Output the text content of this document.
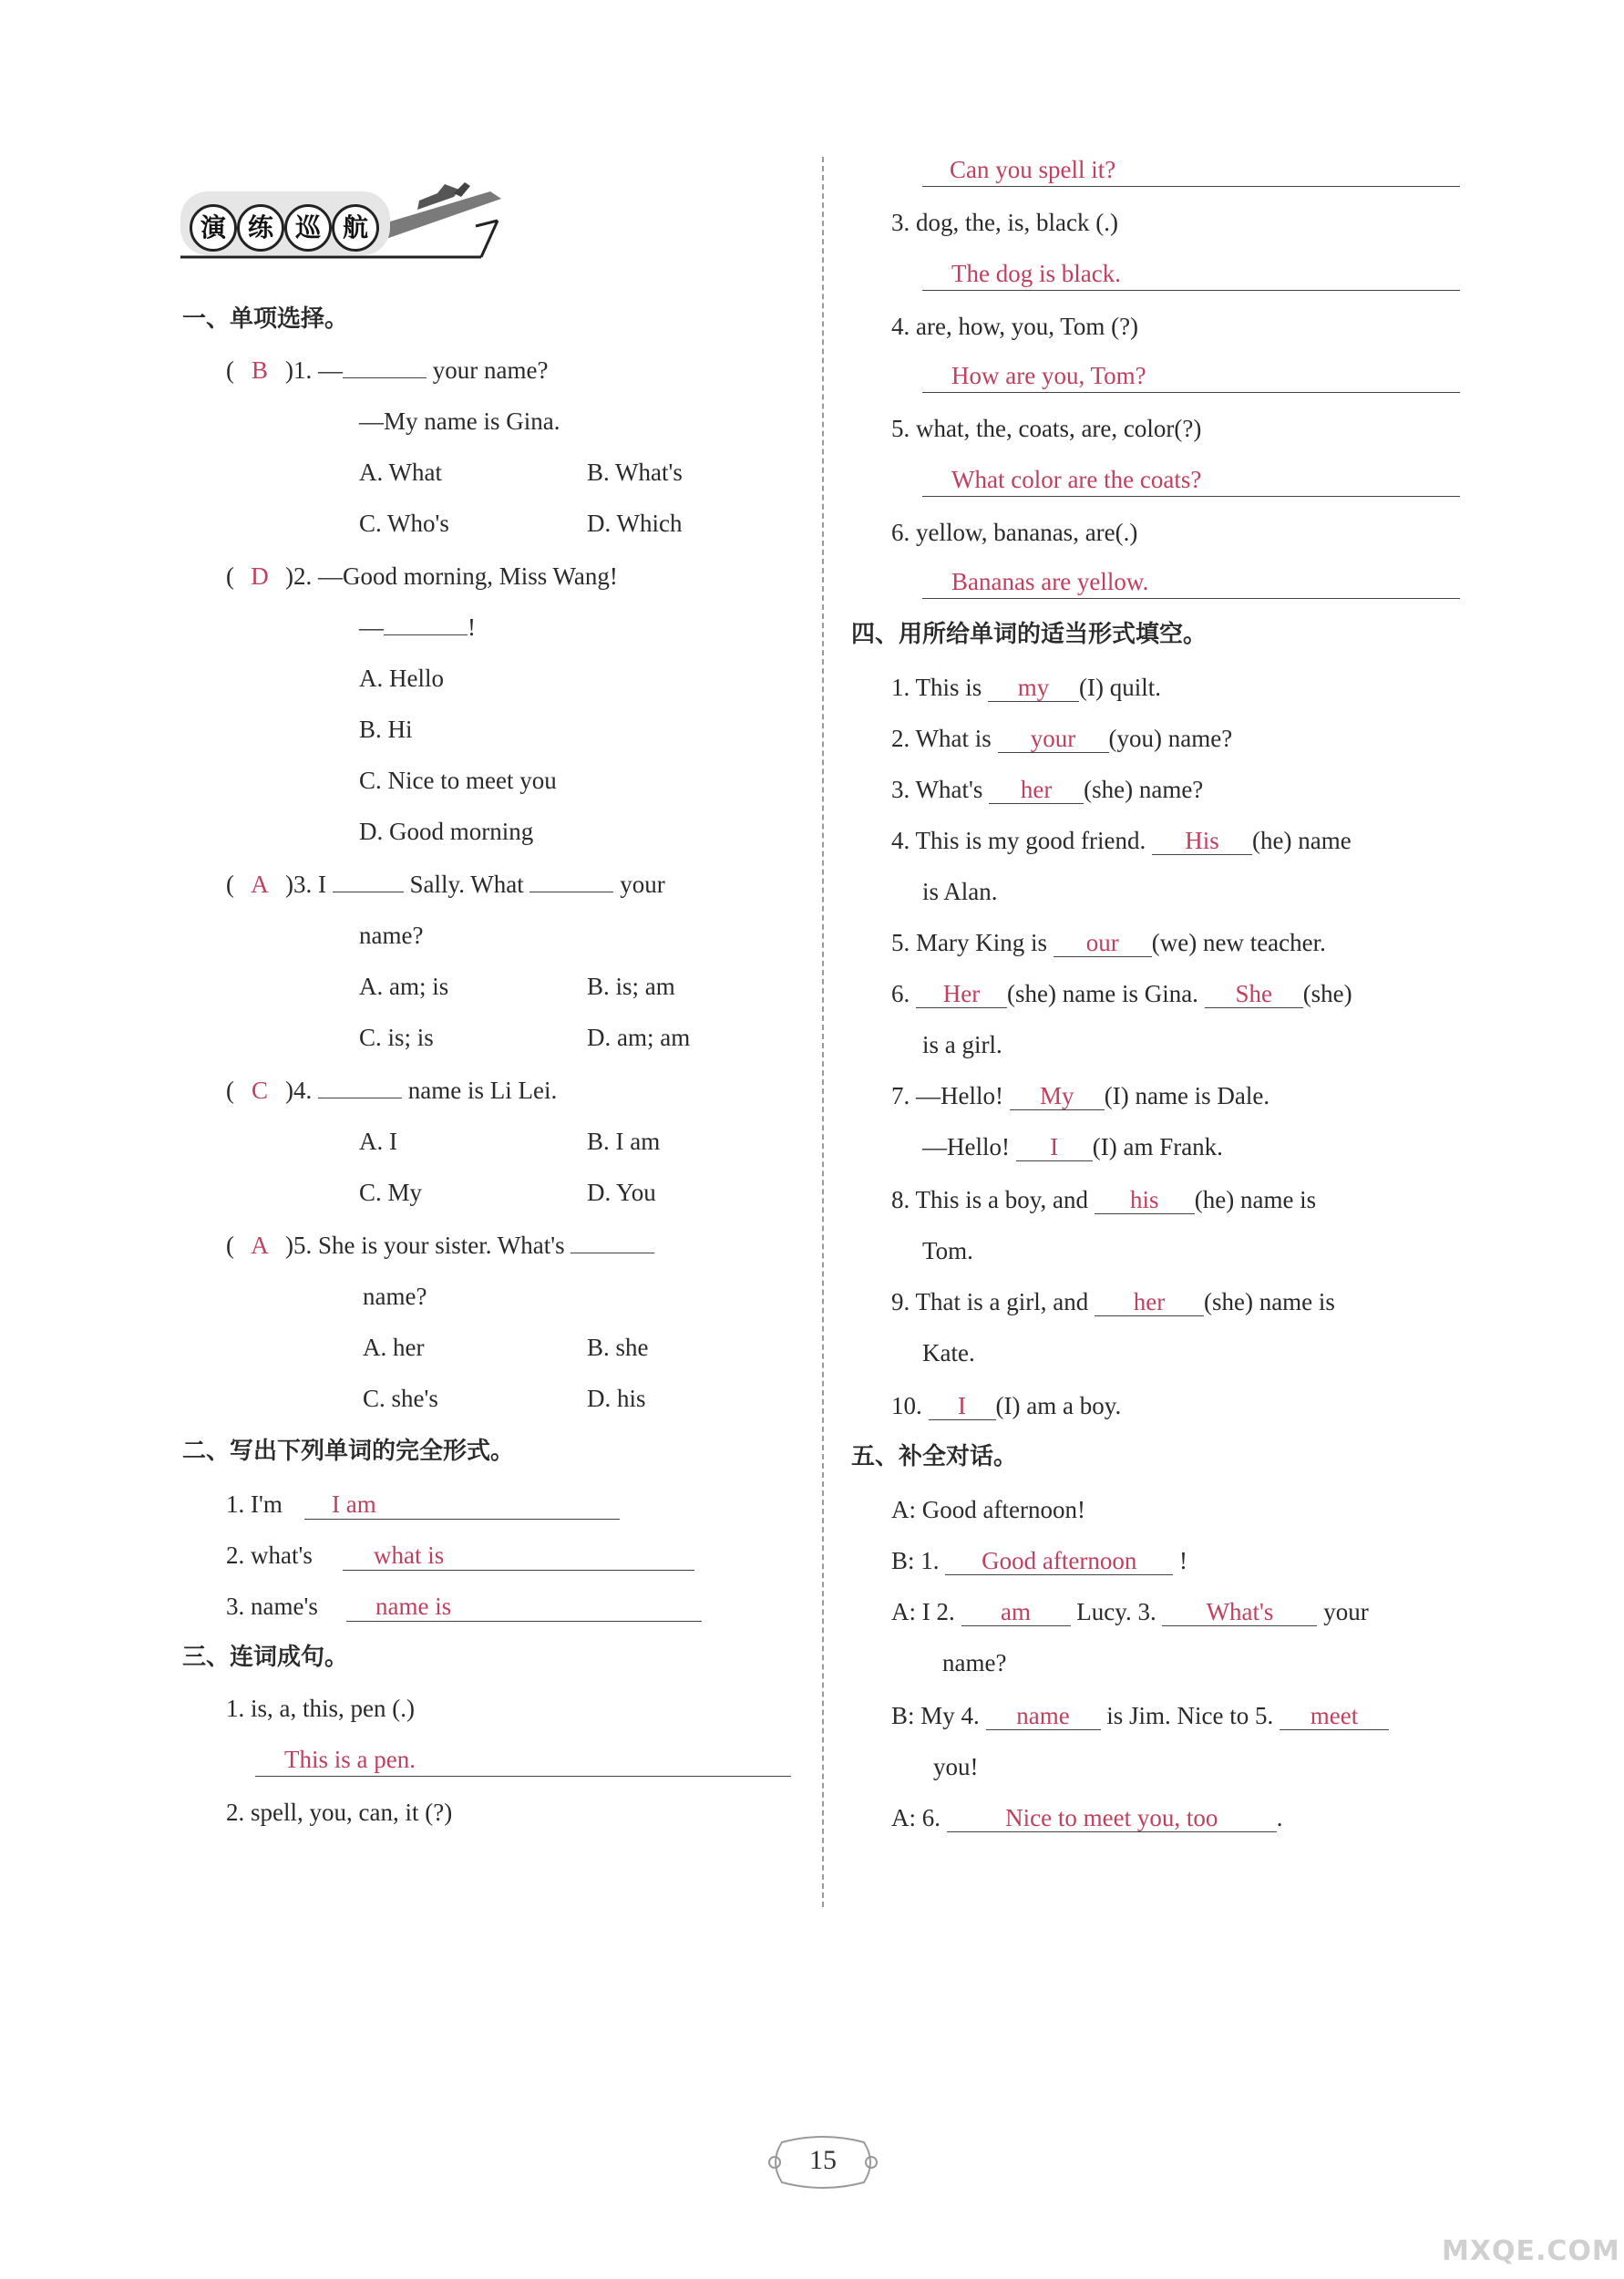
演 练 巡 航
一、单项选择。
( B )1. —	your name?
—My name is Gina.
A. What	B. What's
C. Who's	D. Which
( D )2. —Good morning, Miss Wang!
—	!
A. Hello
B. Hi
C. Nice to meet you
D. Good morning
( A )3. I	Sally. What	your
name?
A. am; is	B. is; am
C. is; is	D. am; am
( C )4.	name is Li Lei.
A. I	B. I am
C. My	D. You
( A )5. She is your sister. What's
name?
A. her	B. she
C. she's	D. his
二、写出下列单词的完全形式。
1. I'm I am
2. what's what is
3. name's name is
三、连词成句。
1. is, a, this, pen (.)
This is a pen.
2. spell, you, can, it (?)
Can you spell it?
3. dog, the, is, black (.)
The dog is black.
4. are, how, you, Tom (?)
How are you, Tom?
5. what, the, coats, are, color(?)
What color are the coats?
6. yellow, bananas, are(.)
Bananas are yellow.
四、用所给单词的适当形式填空。
1. This is my (I) quilt.
2. What is your (you) name?
3. What's her (she) name?
4. This is my good friend. His (he) name
is Alan.
5. Mary King is our (we) new teacher.
6. Her (she) name is Gina. She (she)
is a girl.
7. —Hello! My (I) name is Dale.
—Hello! I (I) am Frank.
8. This is a boy, and his (he) name is
Tom.
9. That is a girl, and her (she) name is
Kate.
10. I (I) am a boy.
五、补全对话。
A: Good afternoon!
B: 1. Good afternoon !
A: I 2. am Lucy. 3. What's your
name?
B: My 4. name is Jim. Nice to 5. meet
you!
A: 6.	Nice to meet you, too .
15
MXQE.COM
